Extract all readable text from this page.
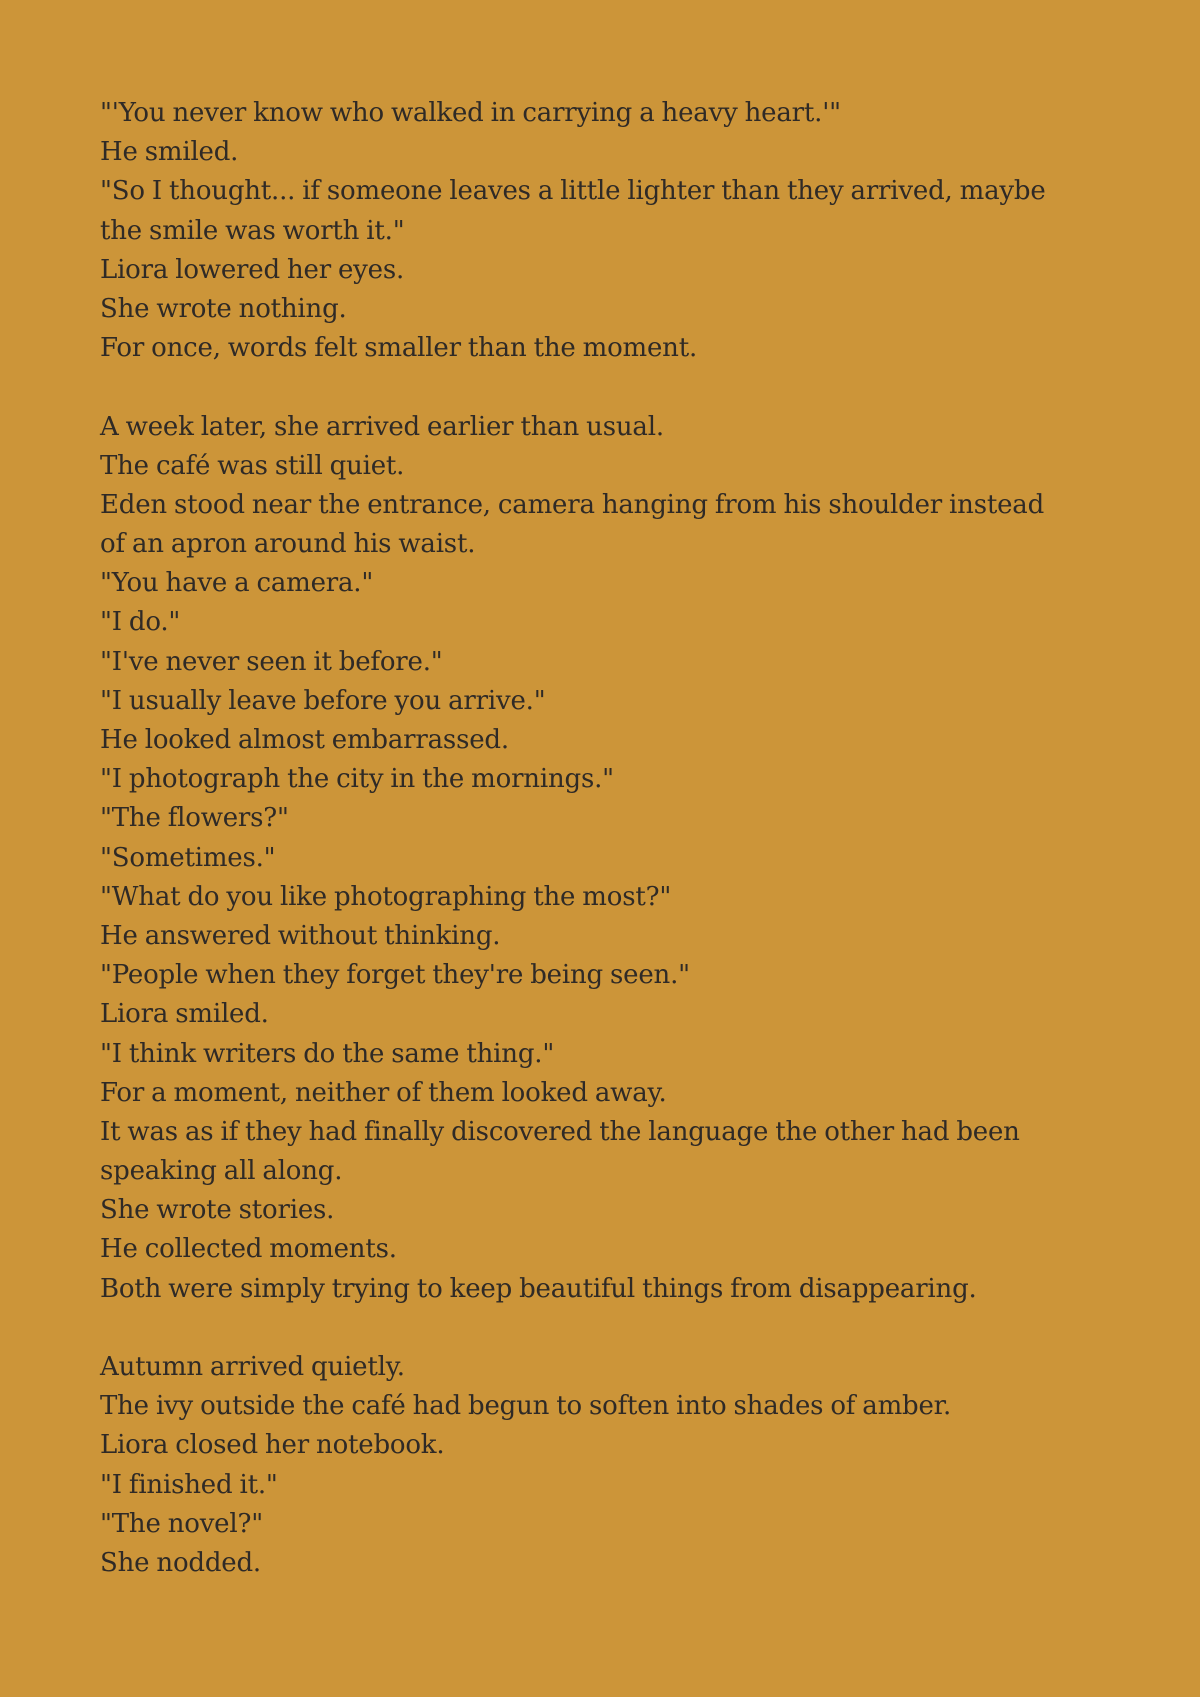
"'You never know who walked in carrying a heavy heart.'"
He smiled.
"So I thought... if someone leaves a little lighter than they arrived, maybe
the smile was worth it."
Liora lowered her eyes.
She wrote nothing.
For once, words felt smaller than the moment.
A week later, she arrived earlier than usual.
The café was still quiet.
Eden stood near the entrance, camera hanging from his shoulder instead
of an apron around his waist.
"You have a camera."
"I do."
"I've never seen it before."
"I usually leave before you arrive."
He looked almost embarrassed.
"I photograph the city in the mornings."
"The flowers?"
"Sometimes."
"What do you like photographing the most?"
He answered without thinking.
"People when they forget they're being seen."
Liora smiled.
"I think writers do the same thing."
For a moment, neither of them looked away.
It was as if they had finally discovered the language the other had been
speaking all along.
She wrote stories.
He collected moments.
Both were simply trying to keep beautiful things from disappearing.
Autumn arrived quietly.
The ivy outside the café had begun to soften into shades of amber.
Liora closed her notebook.
"I finished it."
"The novel?"
She nodded.
